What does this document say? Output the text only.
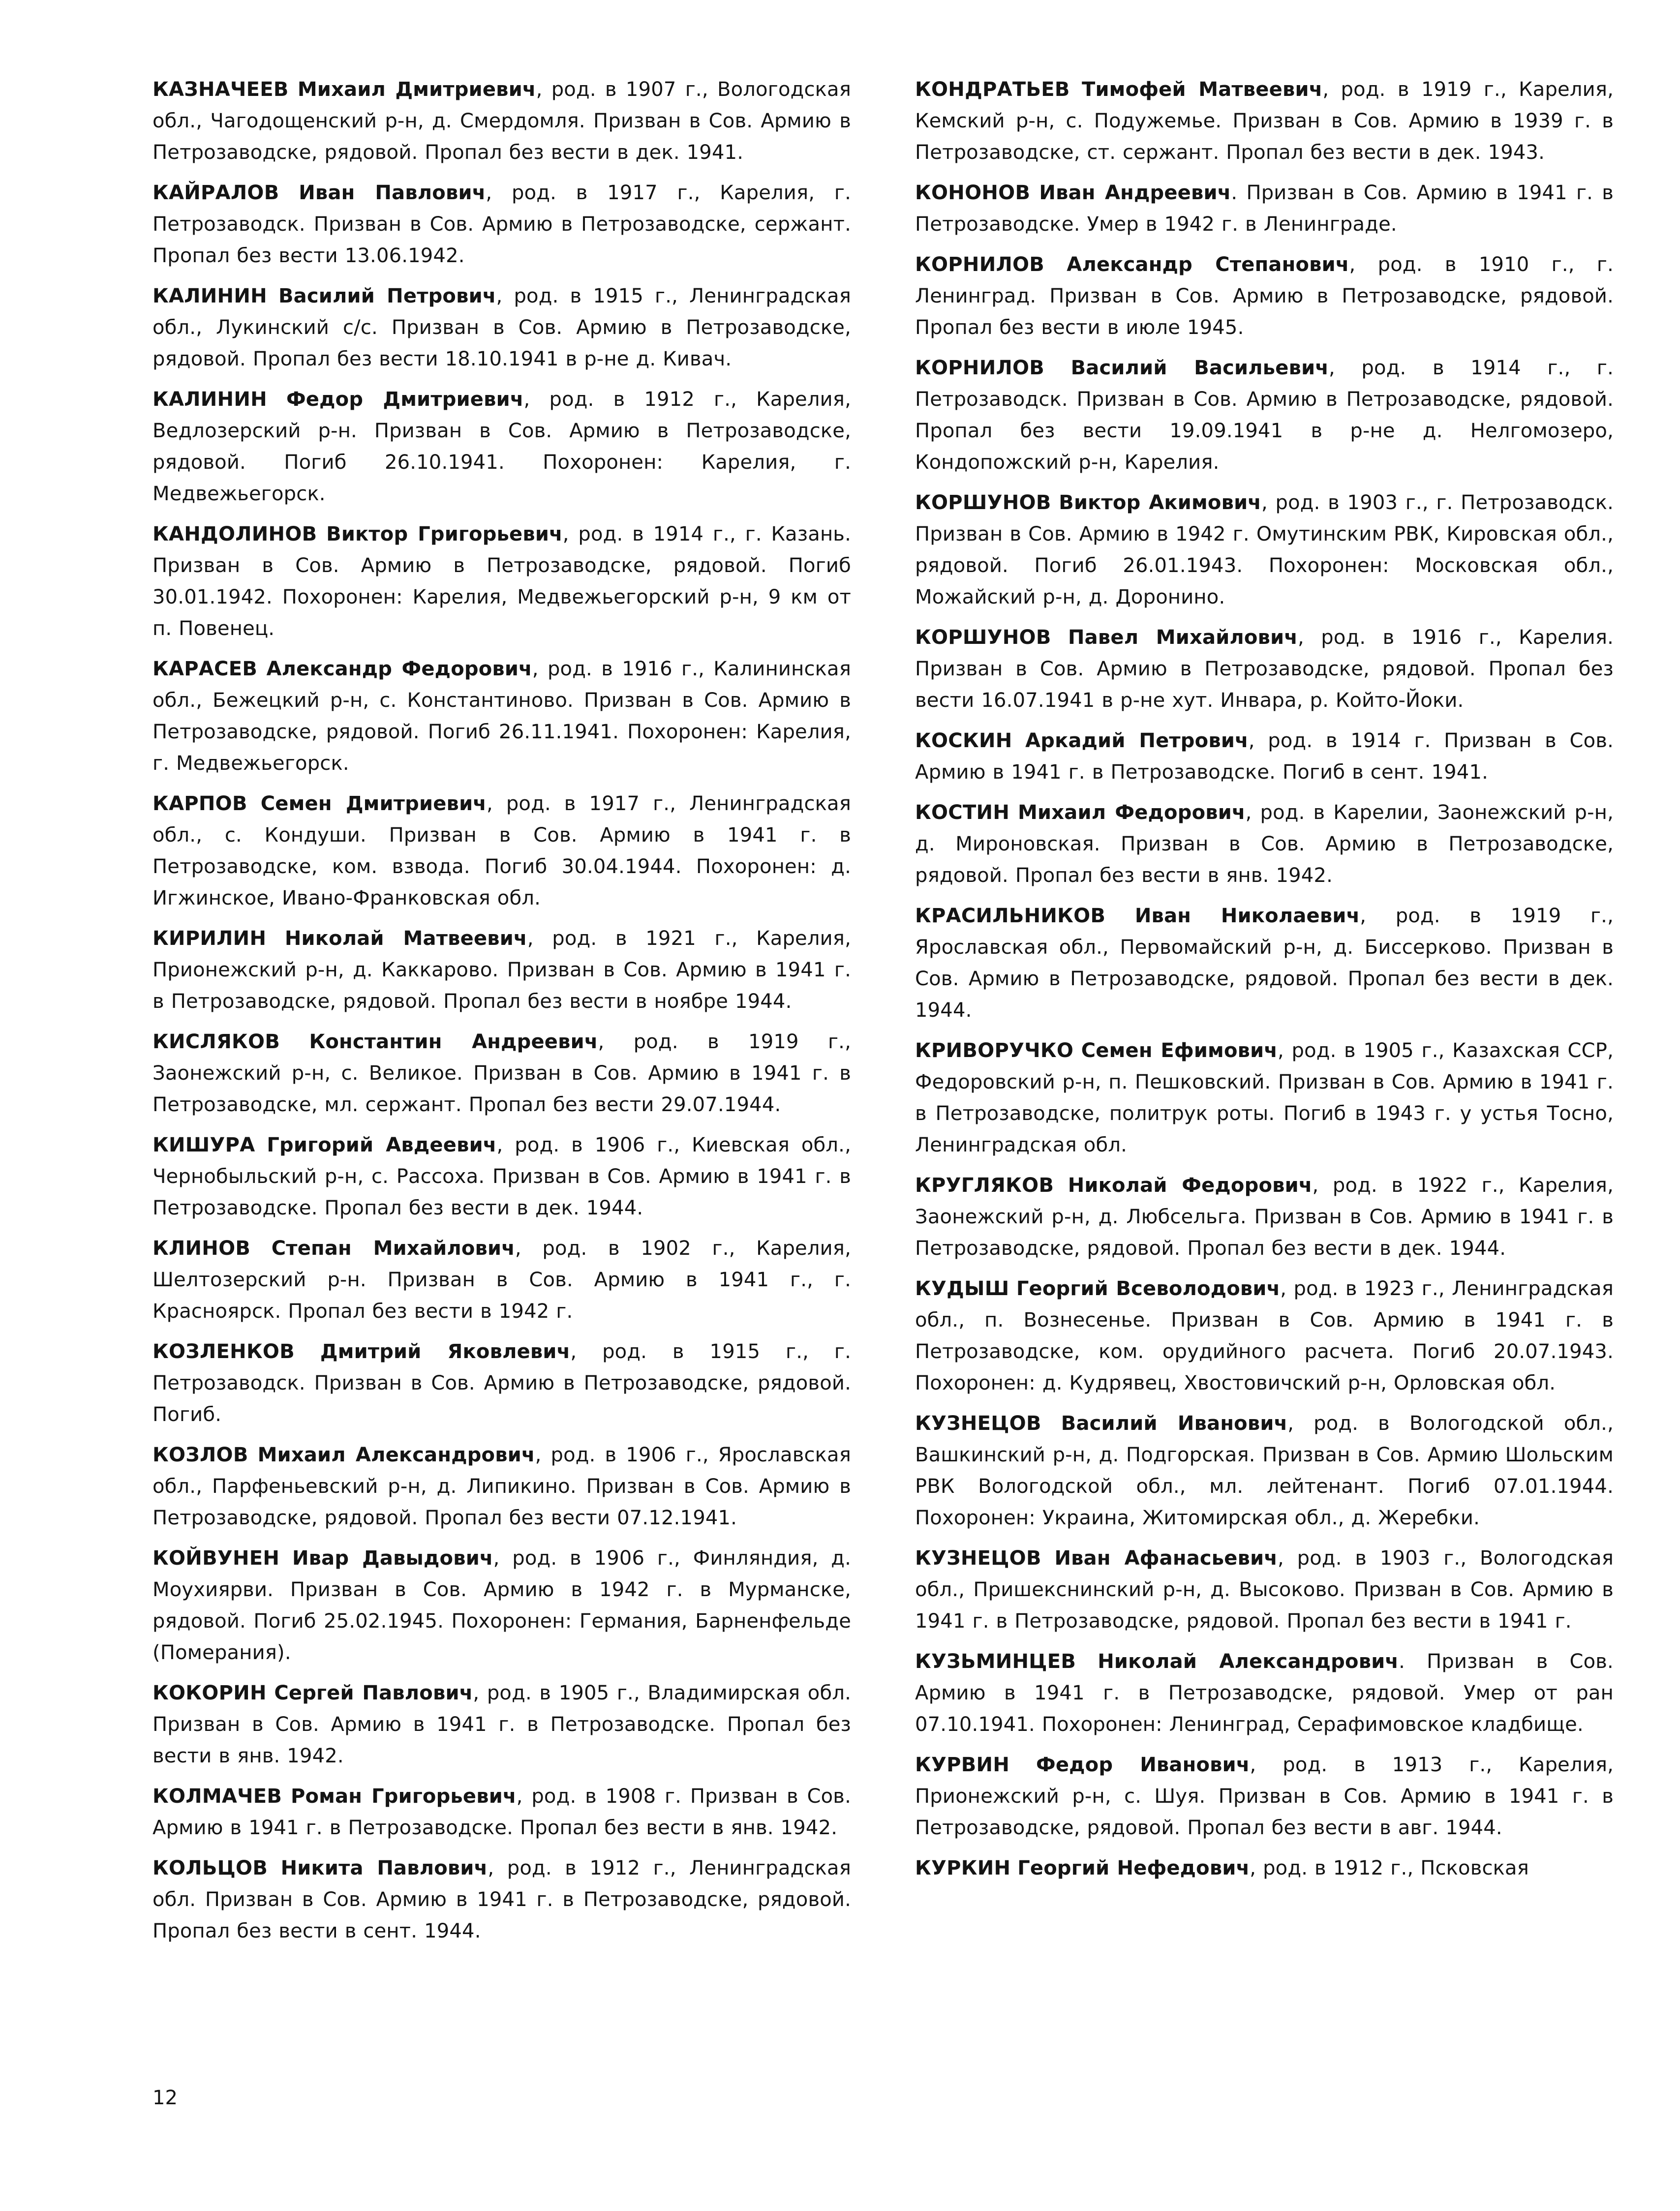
КАЗНАЧЕЕВ Михаил Дмитриевич, род. в 1907 г., Вологодская обл., Чагодощенский р-н, д. Смердомля. Призван в Сов. Армию в Петрозаводске, рядовой. Пропал без вести в дек. 1941.

КАЙРАЛОВ Иван Павлович, род. в 1917 г., Карелия, г. Петрозаводск. Призван в Сов. Армию в Петрозаводске, сержант. Пропал без вести 13.06.1942.

КАЛИНИН Василий Петрович, род. в 1915 г., Ленинградская обл., Лукинский с/с. Призван в Сов. Армию в Петрозаводске, рядовой. Пропал без вести 18.10.1941 в р-не д. Кивач.

КАЛИНИН Федор Дмитриевич, род. в 1912 г., Карелия, Ведлозерский р-н. Призван в Сов. Армию в Петрозаводске, рядовой. Погиб 26.10.1941. Похоронен: Карелия, г. Медвежьегорск.

КАНДОЛИНОВ Виктор Григорьевич, род. в 1914 г., г. Казань. Призван в Сов. Армию в Петрозаводске, рядовой. Погиб 30.01.1942. Похоронен: Карелия, Медвежьегорский р-н, 9 км от п. Повенец.

КАРАСЕВ Александр Федорович, род. в 1916 г., Калининская обл., Бежецкий р-н, с. Константиново. Призван в Сов. Армию в Петрозаводске, рядовой. Погиб 26.11.1941. Похоронен: Карелия, г. Медвежьегорск.

КАРПОВ Семен Дмитриевич, род. в 1917 г., Ленинградская обл., с. Кондуши. Призван в Сов. Армию в 1941 г. в Петрозаводске, ком. взвода. Погиб 30.04.1944. Похоронен: д. Игжинское, Ивано-Франковская обл.

КИРИЛИН Николай Матвеевич, род. в 1921 г., Карелия, Прионежский р-н, д. Каккарово. Призван в Сов. Армию в 1941 г. в Петрозаводске, рядовой. Пропал без вести в ноябре 1944.

КИСЛЯКОВ Константин Андреевич, род. в 1919 г., Заонежский р-н, с. Великое. Призван в Сов. Армию в 1941 г. в Петрозаводске, мл. сержант. Пропал без вести 29.07.1944.

КИШУРА Григорий Авдеевич, род. в 1906 г., Киевская обл., Чернобыльский р-н, с. Рассоха. Призван в Сов. Армию в 1941 г. в Петрозаводске. Пропал без вести в дек. 1944.

КЛИНОВ Степан Михайлович, род. в 1902 г., Карелия, Шелтозерский р-н. Призван в Сов. Армию в 1941 г., г. Красноярск. Пропал без вести в 1942 г.

КОЗЛЕНКОВ Дмитрий Яковлевич, род. в 1915 г., г. Петрозаводск. Призван в Сов. Армию в Петрозаводске, рядовой. Погиб.

КОЗЛОВ Михаил Александрович, род. в 1906 г., Ярославская обл., Парфеньевский р-н, д. Липикино. Призван в Сов. Армию в Петрозаводске, рядовой. Пропал без вести 07.12.1941.

КОЙВУНЕН Ивар Давыдович, род. в 1906 г., Финляндия, д. Моухиярви. Призван в Сов. Армию в 1942 г. в Мурманске, рядовой. Погиб 25.02.1945. Похоронен: Германия, Барненфельде (Померания).

КОКОРИН Сергей Павлович, род. в 1905 г., Владимирская обл. Призван в Сов. Армию в 1941 г. в Петрозаводске. Пропал без вести в янв. 1942.

КОЛМАЧЕВ Роман Григорьевич, род. в 1908 г. Призван в Сов. Армию в 1941 г. в Петрозаводске. Пропал без вести в янв. 1942.

КОЛЬЦОВ Никита Павлович, род. в 1912 г., Ленинградская обл. Призван в Сов. Армию в 1941 г. в Петрозаводске, рядовой. Пропал без вести в сент. 1944.

КОНДРАТЬЕВ Тимофей Матвеевич, род. в 1919 г., Карелия, Кемский р-н, с. Подужемье. Призван в Сов. Армию в 1939 г. в Петрозаводске, ст. сержант. Пропал без вести в дек. 1943.

КОНОНОВ Иван Андреевич. Призван в Сов. Армию в 1941 г. в Петрозаводске. Умер в 1942 г. в Ленинграде.

КОРНИЛОВ Александр Степанович, род. в 1910 г., г. Ленинград. Призван в Сов. Армию в Петрозаводске, рядовой. Пропал без вести в июле 1945.

КОРНИЛОВ Василий Васильевич, род. в 1914 г., г. Петрозаводск. Призван в Сов. Армию в Петрозаводске, рядовой. Пропал без вести 19.09.1941 в р-не д. Нелгомозеро, Кондопожский р-н, Карелия.

КОРШУНОВ Виктор Акимович, род. в 1903 г., г. Петрозаводск. Призван в Сов. Армию в 1942 г. Омутинским РВК, Кировская обл., рядовой. Погиб 26.01.1943. Похоронен: Московская обл., Можайский р-н, д. Доронино.

КОРШУНОВ Павел Михайлович, род. в 1916 г., Карелия. Призван в Сов. Армию в Петрозаводске, рядовой. Пропал без вести 16.07.1941 в р-не хут. Инвара, р. Който-Йоки.

КОСКИН Аркадий Петрович, род. в 1914 г. Призван в Сов. Армию в 1941 г. в Петрозаводске. Погиб в сент. 1941.

КОСТИН Михаил Федорович, род. в Карелии, Заонежский р-н, д. Мироновская. Призван в Сов. Армию в Петрозаводске, рядовой. Пропал без вести в янв. 1942.

КРАСИЛЬНИКОВ Иван Николаевич, род. в 1919 г., Ярославская обл., Первомайский р-н, д. Биссерково. Призван в Сов. Армию в Петрозаводске, рядовой. Пропал без вести в дек. 1944.

КРИВОРУЧКО Семен Ефимович, род. в 1905 г., Казахская ССР, Федоровский р-н, п. Пешковский. Призван в Сов. Армию в 1941 г. в Петрозаводске, политрук роты. Погиб в 1943 г. у устья Тосно, Ленинградская обл.

КРУГЛЯКОВ Николай Федорович, род. в 1922 г., Карелия, Заонежский р-н, д. Любсельга. Призван в Сов. Армию в 1941 г. в Петрозаводске, рядовой. Пропал без вести в дек. 1944.

КУДЫШ Георгий Всеволодович, род. в 1923 г., Ленинградская обл., п. Вознесенье. Призван в Сов. Армию в 1941 г. в Петрозаводске, ком. орудийного расчета. Погиб 20.07.1943. Похоронен: д. Кудрявец, Хвостовичский р-н, Орловская обл.

КУЗНЕЦОВ Василий Иванович, род. в Вологодской обл., Вашкинский р-н, д. Подгорская. Призван в Сов. Армию Шольским РВК Вологодской обл., мл. лейтенант. Погиб 07.01.1944. Похоронен: Украина, Житомирская обл., д. Жеребки.

КУЗНЕЦОВ Иван Афанасьевич, род. в 1903 г., Вологодская обл., Пришекснинский р-н, д. Высоково. Призван в Сов. Армию в 1941 г. в Петрозаводске, рядовой. Пропал без вести в 1941 г.

КУЗЬМИНЦЕВ Николай Александрович. Призван в Сов. Армию в 1941 г. в Петрозаводске, рядовой. Умер от ран 07.10.1941. Похоронен: Ленинград, Серафимовское кладбище.

КУРВИН Федор Иванович, род. в 1913 г., Карелия, Прионежский р-н, с. Шуя. Призван в Сов. Армию в 1941 г. в Петрозаводске, рядовой. Пропал без вести в авг. 1944.

КУРКИН Георгий Нефедович, род. в 1912 г., Псковская

12
